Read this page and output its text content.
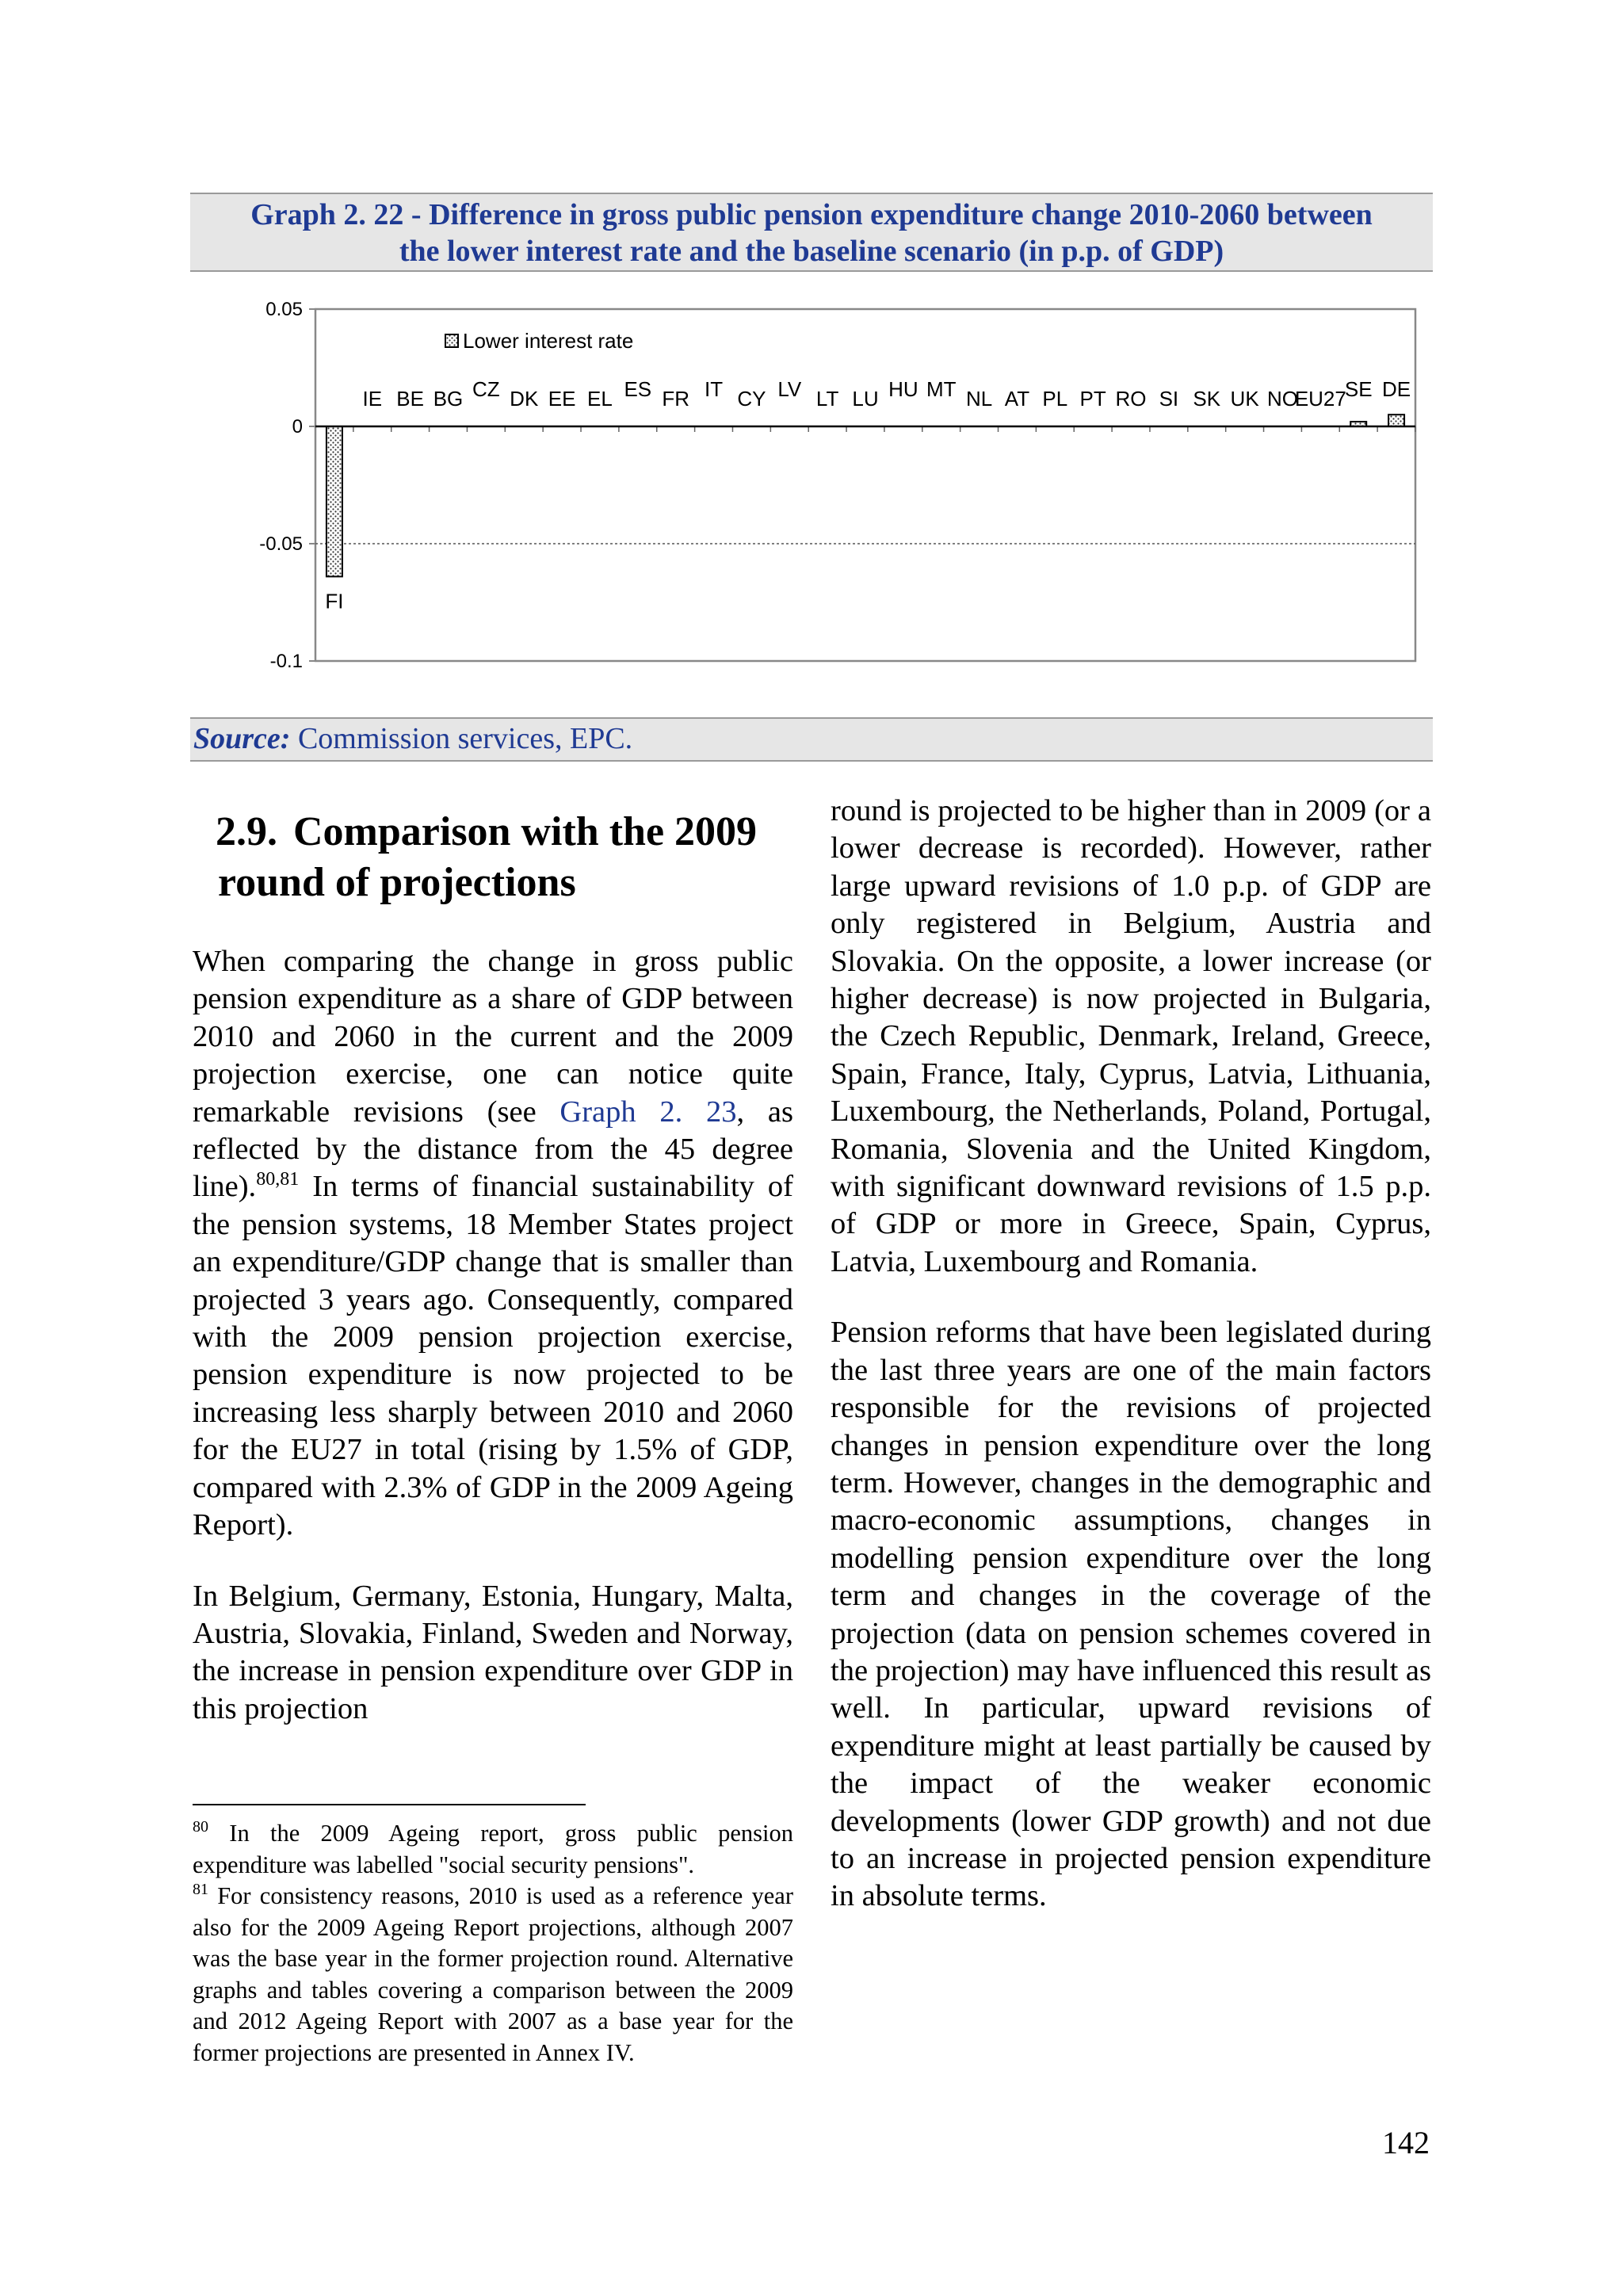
Graph 2. 22 - Difference in gross public pension expenditure change 2010-2060 between
the lower interest rate and the baseline scenario (in p.p. of GDP)
0.05
0
-0.05
-0.1
FI
IE BE BG CZ DK EE EL ES FR IT CY LV LT LU HU MT NL AT PL PT RO SI SK UK NO
EU27
SE DE
Lower interest rate
Source: Commission services, EPC.
2.9. Comparison with the 2009
round of projections

When comparing the change in gross public pension expenditure as a share of GDP between 2010 and 2060 in the current and the 2009 projection exercise, one can notice quite remarkable revisions (see Graph 2. 23, as reflected by the distance from the 45 degree line).$^{80,81}$ In terms of financial sustainability of the pension systems, 18 Member States project an expenditure/GDP change that is smaller than projected 3 years ago. Consequently, compared with the 2009 pension projection exercise, pension expenditure is now projected to be increasing less sharply between 2010 and 2060 for the EU27 in total (rising by 1.5% of GDP, compared with 2.3% of GDP in the 2009 Ageing Report).

In Belgium, Germany, Estonia, Hungary, Malta, Austria, Slovakia, Finland, Sweden and Norway, the increase in pension expenditure over GDP in this projection

round is projected to be higher than in 2009 (or a lower decrease is recorded). However, rather large upward revisions of 1.0 p.p. of GDP are only registered in Belgium, Austria and Slovakia. On the opposite, a lower increase (or higher decrease) is now projected in Bulgaria, the Czech Republic, Denmark, Ireland, Greece, Spain, France, Italy, Cyprus, Latvia, Lithuania, Luxembourg, the Netherlands, Poland, Portugal, Romania, Slovenia and the United Kingdom, with significant downward revisions of 1.5 p.p. of GDP or more in Greece, Spain, Cyprus, Latvia, Luxembourg and Romania.

Pension reforms that have been legislated during the last three years are one of the main factors responsible for the revisions of projected changes in pension expenditure over the long term. However, changes in the demographic and macro-economic assumptions, changes in modelling pension expenditure over the long term and changes in the coverage of the projection (data on pension schemes covered in the projection) may have influenced this result as well. In particular, upward revisions of expenditure might at least partially be caused by the impact of the weaker economic developments (lower GDP growth) and not due to an increase in projected pension expenditure in absolute terms.

$^{80}$ In the 2009 Ageing report, gross public pension expenditure was labelled "social security pensions".

$^{81}$ For consistency reasons, 2010 is used as a reference year also for the 2009 Ageing Report projections, although 2007 was the base year in the former projection round. Alternative graphs and tables covering a comparison between the 2009 and 2012 Ageing Report with 2007 as a base year for the former projections are presented in Annex IV.

142
